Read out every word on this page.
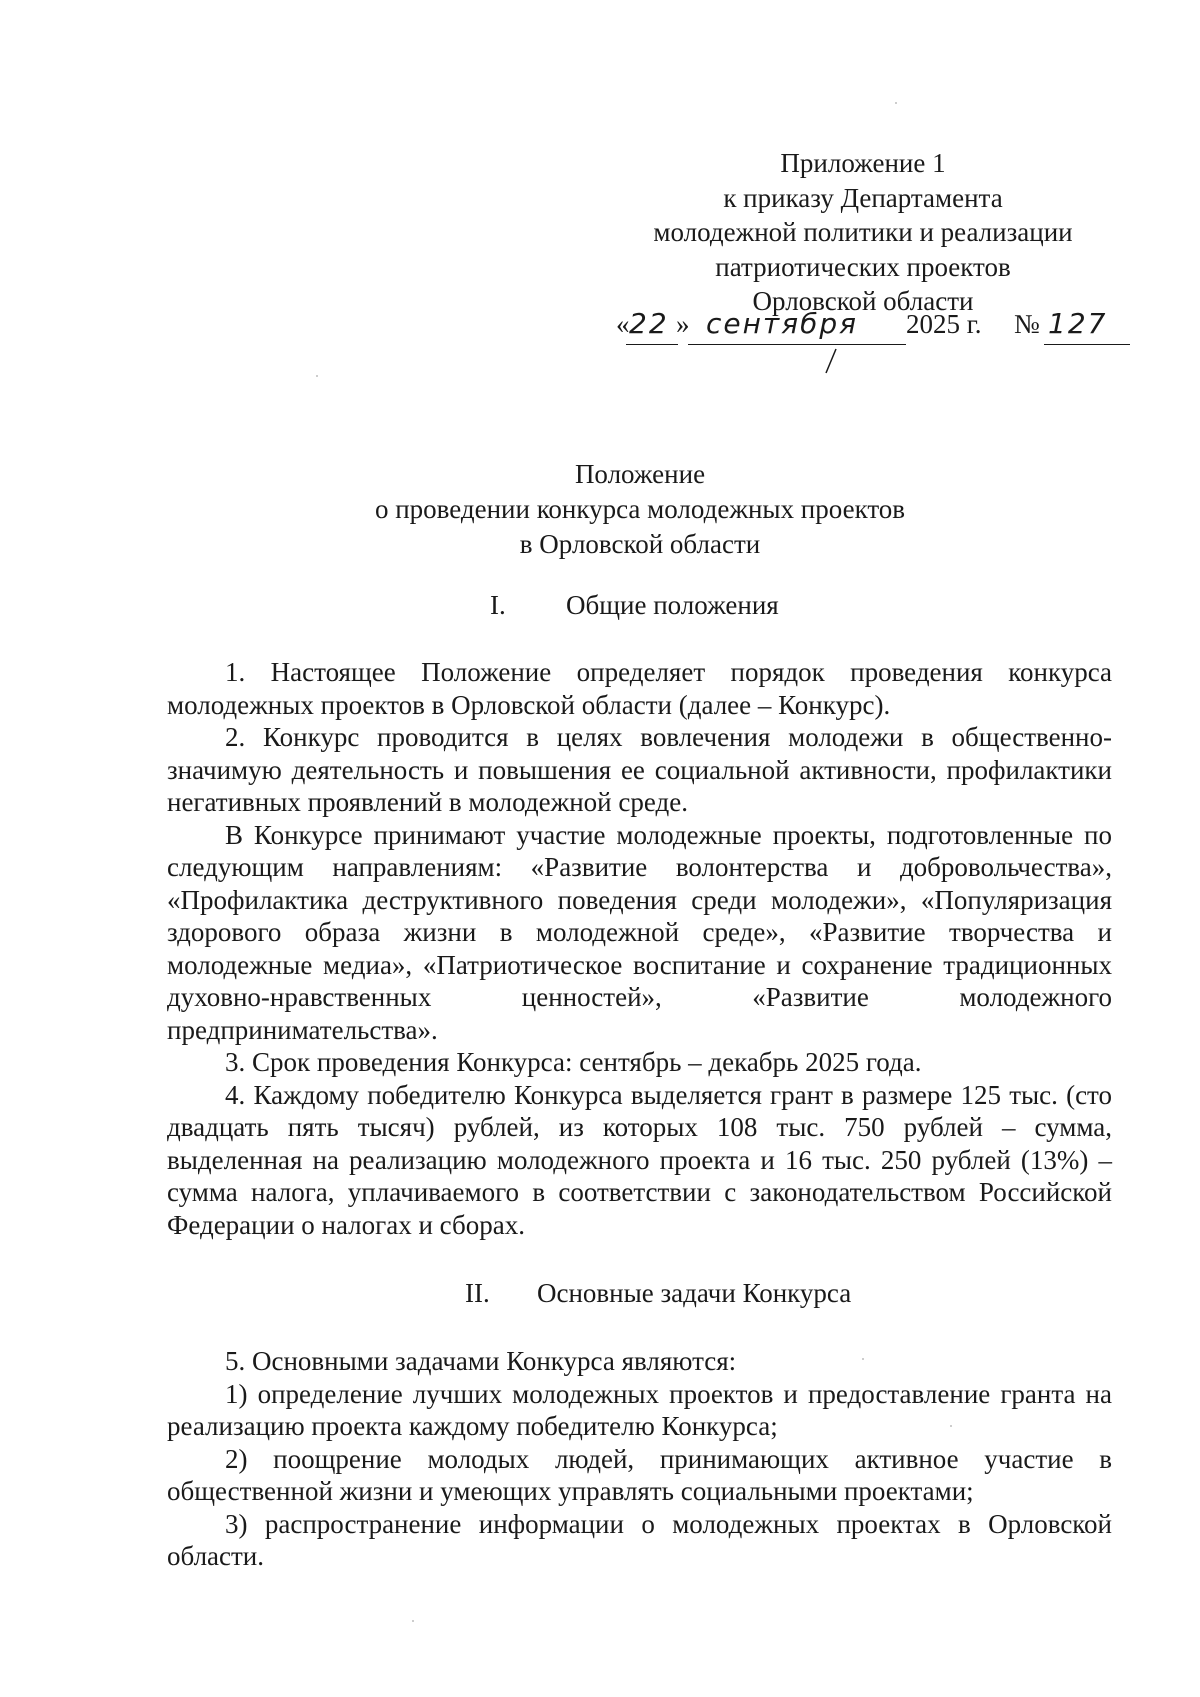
Приложение 1
к приказу Департамента
молодежной политики и реализации
патриотических проектов
Орловской области
« 22 » сентября 2025 г. № 127
Положение
о проведении конкурса молодежных проектов
в Орловской области
I. Общие положения

1. Настоящее Положение определяет порядок проведения конкурса молодежных проектов в Орловской области (далее – Конкурс).

2. Конкурс проводится в целях вовлечения молодежи в общественно-значимую деятельность и повышения ее социальной активности, профилактики негативных проявлений в молодежной среде.

В Конкурсе принимают участие молодежные проекты, подготовленные по следующим направлениям: «Развитие волонтерства и добровольчества», «Профилактика деструктивного поведения среди молодежи», «Популяризация здорового образа жизни в молодежной среде», «Развитие творчества и молодежные медиа», «Патриотическое воспитание и сохранение традиционных духовно-нравственных ценностей», «Развитие молодежного предпринимательства».

3. Срок проведения Конкурса: сентябрь – декабрь 2025 года.

4. Каждому победителю Конкурса выделяется грант в размере 125 тыс. (сто двадцать пять тысяч) рублей, из которых 108 тыс. 750 рублей – сумма, выделенная на реализацию молодежного проекта и 16 тыс. 250 рублей (13%) – сумма налога, уплачиваемого в соответствии с законодательством Российской Федерации о налогах и сборах.

II. Основные задачи Конкурса

5. Основными задачами Конкурса являются:

1) определение лучших молодежных проектов и предоставление гранта на реализацию проекта каждому победителю Конкурса;

2) поощрение молодых людей, принимающих активное участие в общественной жизни и умеющих управлять социальными проектами;

3) распространение информации о молодежных проектах в Орловской области.
